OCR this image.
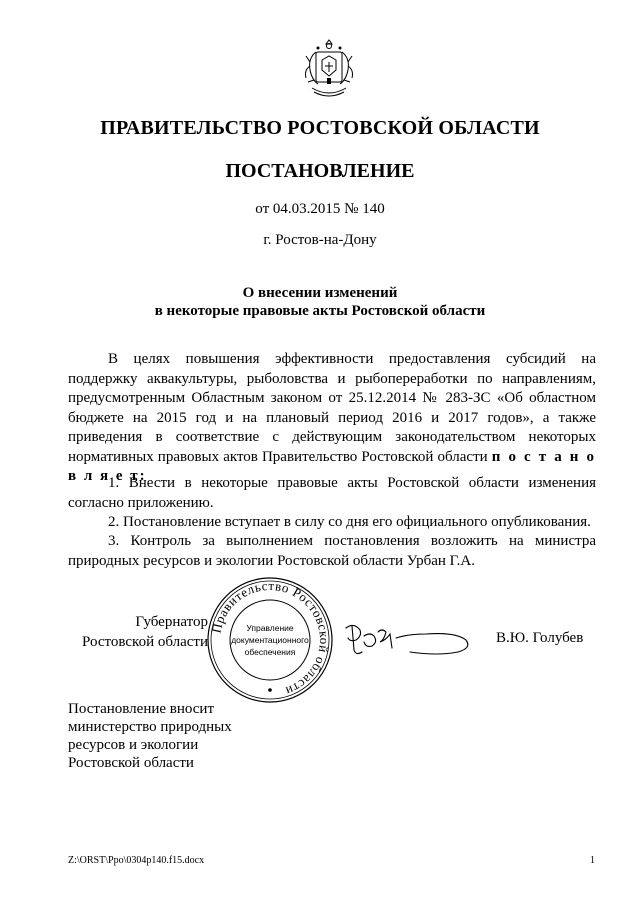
ПРАВИТЕЛЬСТВО РОСТОВСКОЙ ОБЛАСТИ
ПОСТАНОВЛЕНИЕ
от 04.03.2015 № 140
г. Ростов-на-Дону
О внесении изменений
в некоторые правовые акты Ростовской области
В целях повышения эффективности предоставления субсидий на поддержку аквакультуры, рыболовства и рыбопереработки по направлениям, предусмотренным Областным законом от 25.12.2014 № 283-ЗС «Об областном бюджете на 2015 год и на плановый период 2016 и 2017 годов», а также приведения в соответствие с действующим законодательством некоторых нормативных правовых актов Правительство Ростовской области п о с т а н о в л я е т:
1. Внести в некоторые правовые акты Ростовской области изменения согласно приложению.
2. Постановление вступает в силу со дня его официального опубликования.
3. Контроль за выполнением постановления возложить на министра природных ресурсов и экологии Ростовской области Урбан Г.А.
Губернатор
Ростовской области
Правительство Ростовской области
Управление
документационного
обеспечения
В.Ю. Голубев
Постановление вносит
министерство природных
ресурсов и экологии
Ростовской области
Z:\ORST\Ppo\0304p140.f15.docx	1
